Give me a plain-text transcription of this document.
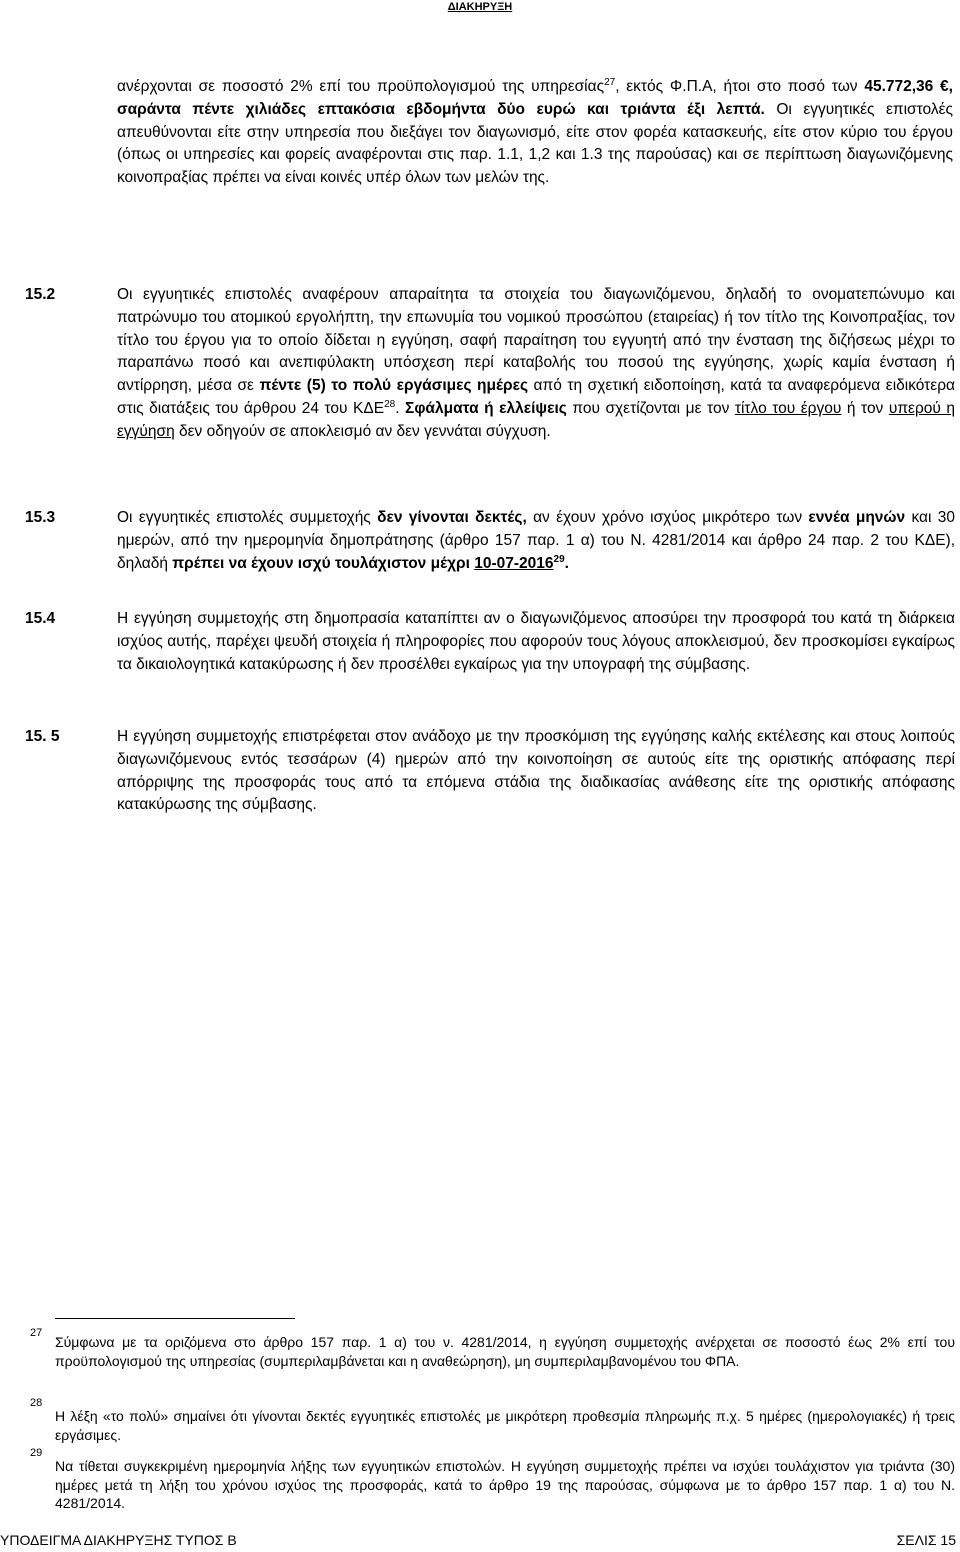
ΔΙΑΚΗΡΥΞΗ

ανέρχονται σε ποσοστό 2% επί του προϋπολογισμού της υπηρεσίας$^{27}$, εκτός Φ.Π.Α, ήτοι στο ποσό των 45.772,36 €, σαράντα πέντε χιλιάδες επτακόσια εβδομήντα δύο ευρώ και τριάντα έξι λεπτά. Οι εγγυητικές επιστολές απευθύνονται είτε στην υπηρεσία που διεξάγει τον διαγωνισμό, είτε στον φορέα κατασκευής, είτε στον κύριο του έργου (όπως οι υπηρεσίες και φορείς αναφέρονται στις παρ. 1.1, 1,2 και 1.3 της παρούσας) και σε περίπτωση διαγωνιζόμενης κοινοπραξίας πρέπει να είναι κοινές υπέρ όλων των μελών της.

15.2	Οι εγγυητικές επιστολές αναφέρουν απαραίτητα τα στοιχεία του διαγωνιζόμενου, δηλαδή το ονοματεπώνυμο και πατρώνυμο του ατομικού εργολήπτη, την επωνυμία του νομικού προσώπου (εταιρείας) ή τον τίτλο της Κοινοπραξίας, τον τίτλο του έργου για το οποίο δίδεται η εγγύηση, σαφή παραίτηση του εγγυητή από την ένσταση της διζήσεως μέχρι το παραπάνω ποσό και ανεπιφύλακτη υπόσχεση περί καταβολής του ποσού της εγγύησης, χωρίς καμία ένσταση ή αντίρρηση, μέσα σε πέντε (5) το πολύ εργάσιμες ημέρες από τη σχετική ειδοποίηση, κατά τα αναφερόμενα ειδικότερα στις διατάξεις του άρθρου 24 του ΚΔΕ$^{28}$. Σφάλματα ή ελλείψεις που σχετίζονται με τον τίτλο του έργου ή τον υπερού η εγγύηση δεν οδηγούν σε αποκλεισμό αν δεν γεννάται σύγχυση.

15.3	Οι εγγυητικές επιστολές συμμετοχής δεν γίνονται δεκτές, αν έχουν χρόνο ισχύος μικρότερο των εννέα μηνών και 30 ημερών, από την ημερομηνία δημοπράτησης (άρθρο 157 παρ. 1 α) του Ν. 4281/2014 και άρθρο 24 παρ. 2 του ΚΔΕ), δηλαδή πρέπει να έχουν ισχύ τουλάχιστον μέχρι 10-07-2016$^{29}$.

15.4	Η εγγύηση συμμετοχής στη δημοπρασία καταπίπτει αν ο διαγωνιζόμενος αποσύρει την προσφορά του κατά τη διάρκεια ισχύος αυτής, παρέχει ψευδή στοιχεία ή πληροφορίες που αφορούν τους λόγους αποκλεισμού, δεν προσκομίσει εγκαίρως τα δικαιολογητικά κατακύρωσης ή δεν προσέλθει εγκαίρως για την υπογραφή της σύμβασης.

15. 5	Η εγγύηση συμμετοχής επιστρέφεται στον ανάδοχο με την προσκόμιση της εγγύησης καλής εκτέλεσης και στους λοιπούς διαγωνιζόμενους εντός τεσσάρων (4) ημερών από την κοινοποίηση σε αυτούς είτε της οριστικής απόφασης περί απόρριψης της προσφοράς τους από τα επόμενα στάδια της διαδικασίας ανάθεσης είτε της οριστικής απόφασης κατακύρωσης της σύμβασης.

27

Σύμφωνα με τα οριζόμενα στο άρθρο 157 παρ. 1 α) του ν. 4281/2014, η εγγύηση συμμετοχής ανέρχεται σε ποσοστό έως 2% επί του προϋπολογισμού της υπηρεσίας (συμπεριλαμβάνεται και η αναθεώρηση), μη συμπεριλαμβανομένου του ΦΠΑ.

28

Η λέξη «το πολύ» σημαίνει ότι γίνονται δεκτές εγγυητικές επιστολές με μικρότερη προθεσμία πληρωμής π.χ. 5 ημέρες (ημερολογιακές) ή τρεις εργάσιμες.

29

Να τίθεται συγκεκριμένη ημερομηνία λήξης των εγγυητικών επιστολών. Η εγγύηση συμμετοχής πρέπει να ισχύει τουλάχιστον για τριάντα (30) ημέρες μετά τη λήξη του χρόνου ισχύος της προσφοράς, κατά το άρθρο 19 της παρούσας, σύμφωνα με το άρθρο 157 παρ. 1 α) του Ν. 4281/2014.

ΥΠΟΔΕΙΓΜΑ ΔΙΑΚΗΡΥΞΗΣ ΤΥΠΟΣ Β	ΣΕΛΙΣ 15
